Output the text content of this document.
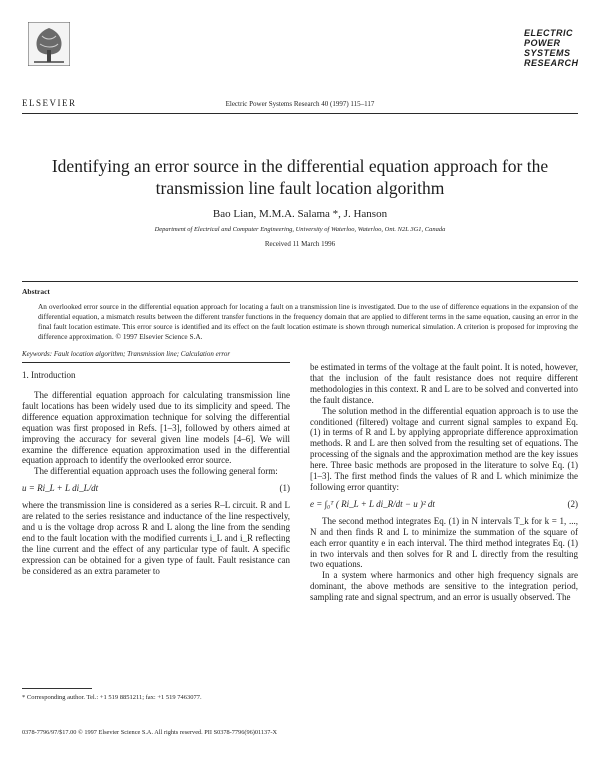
ELSEVIER	Electric Power Systems Research 40 (1997) 115–117
ELECTRIC
POWER
SYSTEMS
RESEARCH
Identifying an error source in the differential equation approach for the transmission line fault location algorithm
Bao Lian, M.M.A. Salama *, J. Hanson
Department of Electrical and Computer Engineering, University of Waterloo, Waterloo, Ont. N2L 3G1, Canada
Received 11 March 1996
Abstract
An overlooked error source in the differential equation approach for locating a fault on a transmission line is investigated. Due to the use of difference equations in the expansion of the differential equation, a mismatch results between the different transfer functions in the frequency domain that are applied to different terms in the same equation, causing an error in the final fault location estimate. This error source is identified and its effect on the fault location estimate is shown through numerical simulation. A criterion is proposed for improving the difference approximation. © 1997 Elsevier Science S.A.
Keywords: Fault location algorithm; Transmission line; Calculation error
1. Introduction

The differential equation approach for calculating transmission line fault locations has been widely used due to its simplicity and speed. The difference equation approximation technique for solving the differential equation was first proposed in Refs. [1–3], followed by others aimed at improving the accuracy for several given line models [4–6]. We will examine the difference equation approximation used in the differential equation approach to identify the overlooked error source.

The differential equation approach uses the following general form:

u = Ri_L + L di_L/dt	(1)

where the transmission line is considered as a series R–L circuit. R and L are related to the series resistance and inductance of the line respectively, and u is the voltage drop across R and L along the line from the sending end to the fault location with the modified currents i_L and i_R reflecting the line current and the effect of any particular type of fault. A specific expression can be obtained for a given type of fault. Fault resistance can be considered as an extra parameter to

* Corresponding author. Tel.: +1 519 8851211; fax: +1 519 7463077.
0378-7796/97/$17.00 © 1997 Elsevier Science S.A. All rights reserved. PII S0378-7796(96)01137-X

be estimated in terms of the voltage at the fault point. It is noted, however, that the inclusion of the fault resistance does not require different methodologies in this context. R and L are to be solved and converted into the fault distance.

The solution method in the differential equation approach is to use the conditioned (filtered) voltage and current signal samples to expand Eq. (1) in terms of R and L by applying appropriate difference approximation methods. R and L are then solved from the resulting set of equations. The processing of the signals and the approximation method are the key issues here. Three basic methods are proposed in the literature to solve Eq. (1) [1–3]. The first method finds the values of R and L which minimize the following error quantity:

e = ∫₀ᵀ ( Ri_L + L di_R/dt − u )² dt	(2)

The second method integrates Eq. (1) in N intervals T_k for k = 1, ..., N and then finds R and L to minimize the summation of the square of each error quantity e in each interval. The third method integrates Eq. (1) in two intervals and then solves for R and L directly from the resulting two equations.

In a system where harmonics and other high frequency signals are dominant, the above methods are sensitive to the integration period, sampling rate and signal spectrum, and an error is usually observed. The
